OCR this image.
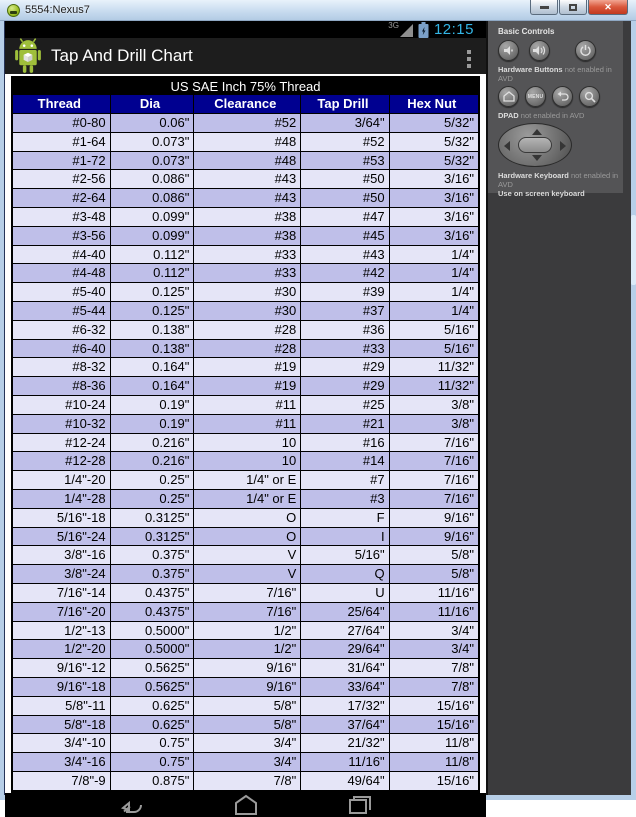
5554:Nexus7	✕
3G 12:15
Tap And Drill Chart
US SAE Inch 75% Thread
Thread	Dia	Clearance	Tap Drill	Hex Nut
#0-80	0.06"	#52	3/64"	5/32"
#1-64	0.073"	#48	#52	5/32"
#1-72	0.073"	#48	#53	5/32"
#2-56	0.086"	#43	#50	3/16"
#2-64	0.086"	#43	#50	3/16"
#3-48	0.099"	#38	#47	3/16"
#3-56	0.099"	#38	#45	3/16"
#4-40	0.112"	#33	#43	1/4"
#4-48	0.112"	#33	#42	1/4"
#5-40	0.125"	#30	#39	1/4"
#5-44	0.125"	#30	#37	1/4"
#6-32	0.138"	#28	#36	5/16"
#6-40	0.138"	#28	#33	5/16"
#8-32	0.164"	#19	#29	11/32"
#8-36	0.164"	#19	#29	11/32"
#10-24	0.19"	#11	#25	3/8"
#10-32	0.19"	#11	#21	3/8"
#12-24	0.216"	10	#16	7/16"
#12-28	0.216"	10	#14	7/16"
1/4"-20	0.25"	1/4" or E	#7	7/16"
1/4"-28	0.25"	1/4" or E	#3	7/16"
5/16"-18	0.3125"	O	F	9/16"
5/16"-24	0.3125"	O	I	9/16"
3/8"-16	0.375"	V	5/16"	5/8"
3/8"-24	0.375"	V	Q	5/8"
7/16"-14	0.4375"	7/16"	U	11/16"
7/16"-20	0.4375"	7/16"	25/64"	11/16"
1/2"-13	0.5000"	1/2"	27/64"	3/4"
1/2"-20	0.5000"	1/2"	29/64"	3/4"
9/16"-12	0.5625"	9/16"	31/64"	7/8"
9/16"-18	0.5625"	9/16"	33/64"	7/8"
5/8"-11	0.625"	5/8"	17/32"	15/16"
5/8"-18	0.625"	5/8"	37/64"	15/16"
3/4"-10	0.75"	3/4"	21/32"	11/8"
3/4"-16	0.75"	3/4"	11/16"	11/8"
7/8"-9	0.875"	7/8"	49/64"	15/16"
Basic Controls
Hardware Buttons not enabled in AVD
MENU
DPAD not enabled in AVD
Hardware Keyboard not enabled in AVD
Use on screen keyboard
